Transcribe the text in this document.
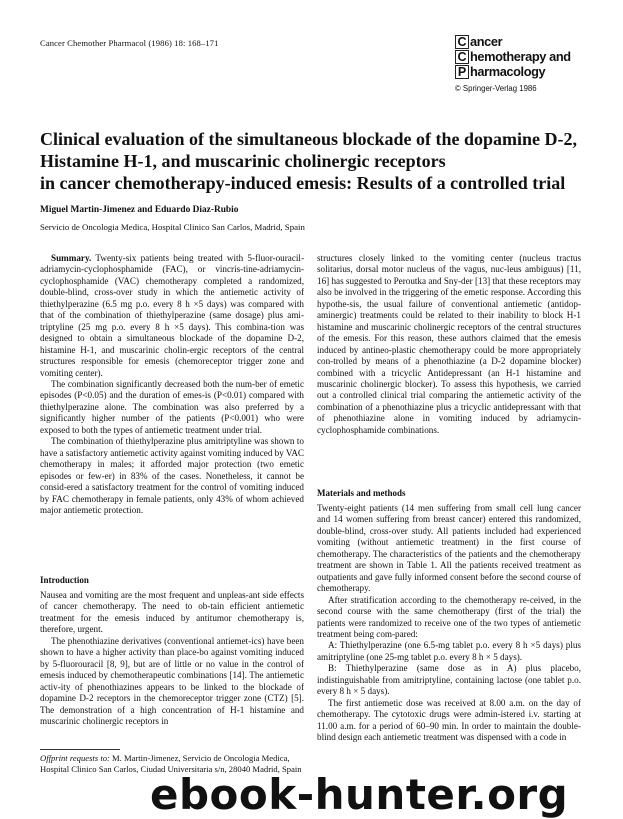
Cancer Chemother Pharmacol (1986) 18: 168–171	C ancer
C hemotherapy and
P harmacology
© Springer-Verlag 1986
Clinical evaluation of the simultaneous blockade of the dopamine D-2,
Histamine H-1, and muscarinic cholinergic receptors
in cancer chemotherapy-induced emesis: Results of a controlled trial
Miguel Martin-Jimenez and Eduardo Diaz-Rubio
Servicio de Oncologia Medica, Hospital Clinico San Carlos, Madrid, Spain

Summary. Twenty-six patients being treated with 5-fluor-ouracil-adriamycin-cyclophosphamide (FAC), or vincris-tine-adriamycin-cyclophosphamide (VAC) chemotherapy completed a randomized, double-blind, cross-over study in which the antiemetic activity of thiethylperazine (6.5 mg p.o. every 8 h ×5 days) was compared with that of the combination of thiethylperazine (same dosage) plus ami-triptyline (25 mg p.o. every 8 h ×5 days). This combina-tion was designed to obtain a simultaneous blockade of the dopamine D-2, histamine H-1, and muscarinic cholin-ergic receptors of the central structures responsible for emesis (chemoreceptor trigger zone and vomiting center).

The combination significantly decreased both the num-ber of emetic episodes (P<0.05) and the duration of emes-is (P<0.01) compared with thiethylperazine alone. The combination was also preferred by a significantly higher number of the patients (P<0.001) who were exposed to both the types of antiemetic treatment under trial.

The combination of thiethylperazine plus amitriptyline was shown to have a satisfactory antiemetic activity against vomiting induced by VAC chemotherapy in males; it afforded major protection (two emetic episodes or few-er) in 83% of the cases. Nonetheless, it cannot be consid-ered a satisfactory treatment for the control of vomiting induced by FAC chemotherapy in female patients, only 43% of whom achieved major antiemetic protection.

Introduction

Nausea and vomiting are the most frequent and unpleas-ant side effects of cancer chemotherapy. The need to ob-tain efficient antiemetic treatment for the emesis induced by antitumor chemotherapy is, therefore, urgent.

The phenothiazine derivatives (conventional antiemet-ics) have been shown to have a higher activity than place-bo against vomiting induced by 5-fluorouracil [8, 9], but are of little or no value in the control of emesis induced by chemotherapeutic combinations [14]. The antiemetic activ-ity of phenothiazines appears to be linked to the blockade of dopamine D-2 receptors in the chemoreceptor trigger zone (CTZ) [5]. The demonstration of a high concentration of H-1 histamine and muscarinic cholinergic receptors in

structures closely linked to the vomiting center (nucleus tractus solitarius, dorsal motor nucleus of the vagus, nuc-leus ambiguus) [11, 16] has suggested to Peroutka and Sny-der [13] that these receptors may also be involved in the triggering of the emetic response. According this hypothe-sis, the usual failure of conventional antiemetic (antidop-aminergic) treatments could be related to their inability to block H-1 histamine and muscarinic cholinergic receptors of the central structures of the emesis. For this reason, these authors claimed that the emesis induced by antineo-plastic chemotherapy could be more appropriately con-trolled by means of a phenothiazine (a D-2 dopamine blocker) combined with a tricyclic Antidepressant (an H-1 histamine and muscarinic cholinergic blocker). To assess this hypothesis, we carried out a controlled clinical trial comparing the antiemetic activity of the combination of a phenothiazine plus a tricyclic antidepressant with that of phenothiazine alone in vomiting induced by adriamycin-cyclophosphamide combinations.

Materials and methods

Twenty-eight patients (14 men suffering from small cell lung cancer and 14 women suffering from breast cancer) entered this randomized, double-blind, cross-over study. All patients included had experienced vomiting (without antiemetic treatment) in the first course of chemotherapy. The characteristics of the patients and the chemotherapy treatment are shown in Table 1. All the patients received treatment as outpatients and gave fully informed consent before the second course of chemotherapy.

After stratification according to the chemotherapy re-ceived, in the second course with the same chemotherapy (first of the trial) the patients were randomized to receive one of the two types of antiemetic treatment being com-pared:

A: Thiethylperazine (one 6.5-mg tablet p.o. every 8 h ×5 days) plus amitriptyline (one 25-mg tablet p.o. every 8 h × 5 days).

B: Thiethylperazine (same dose as in A) plus placebo, indistinguishable from amitriptyline, containing lactose (one tablet p.o. every 8 h × 5 days).

The first antiemetic dose was received at 8.00 a.m. on the day of chemotherapy. The cytotoxic drugs were admin-istered i.v. starting at 11.00 a.m. for a period of 60–90 min. In order to maintain the double-blind design each antiemetic treatment was dispensed with a code in

Offprint requests to: M. Martin-Jimenez, Servicio de Oncologia Medica, Hospital Clinico San Carlos, Ciudad Universitaria s/n, 28040 Madrid, Spain
ebook-hunter.org
